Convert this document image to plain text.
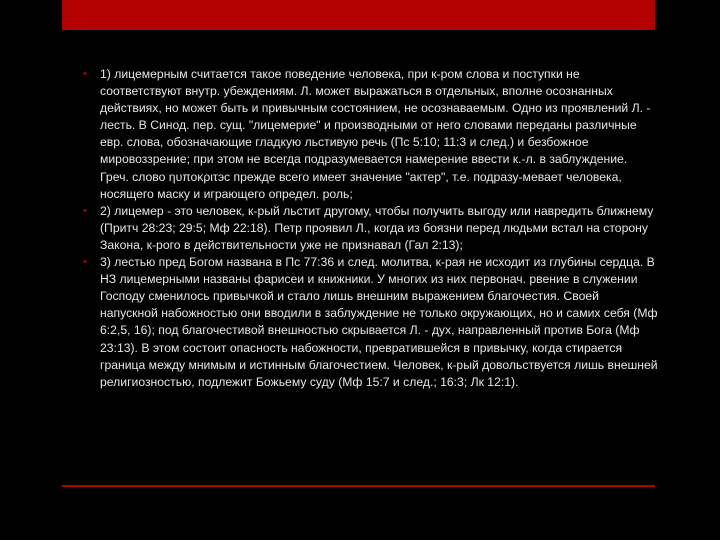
• 1) лицемерным считается такое поведение человека, при к-ром слова и поступки не соответствуют внутр. убеждениям. Л. может выражаться в отдельных, вполне осознанных действиях, но может быть и привычным состоянием, не осознаваемым. Одно из проявлений Л. - лесть. В Синод. пер. сущ. "лицемерие" и производными от него словами переданы различные евр. слова, обозначающие гладкую льстивую речь (Пс 5:10; 11:3 и след.) и безбожное мировоззрение; при этом не всегда подразумевается намерение ввести к.-л. в заблуждение. Греч. слово ηυποκριτэс прежде всего имеет значение "актер", т.е. подразу-мевает человека, носящего маску и играющего определ. роль;
• 2) лицемер - это человек, к-рый льстит другому, чтобы получить выгоду или навредить ближнему (Притч 28:23; 29:5; Мф 22:18). Петр проявил Л., когда из боязни перед людьми встал на сторону Закона, к-рого в действительности уже не признавал (Гал 2:13);
• 3) лестью пред Богом названа в Пс 77:36 и след. молитва, к-рая не исходит из глубины сердца. В НЗ лицемерными названы фарисеи и книжники. У многих из них первонач. рвение в служении Господу сменилось привычкой и стало лишь внешним выражением благочестия. Своей напускной набожностью они вводили в заблуждение не только окружающих, но и самих себя (Мф 6:2,5, 16); под благочестивой внешностью скрывается Л. - дух, направленный против Бога (Мф 23:13). В этом состоит опасность набожности, превратившейся в привычку, когда стирается граница между мнимым и истинным благочестием. Человек, к-рый довольствуется лишь внешней религиозностью, подлежит Божьему суду (Мф 15:7 и след.; 16:3; Лк 12:1).
